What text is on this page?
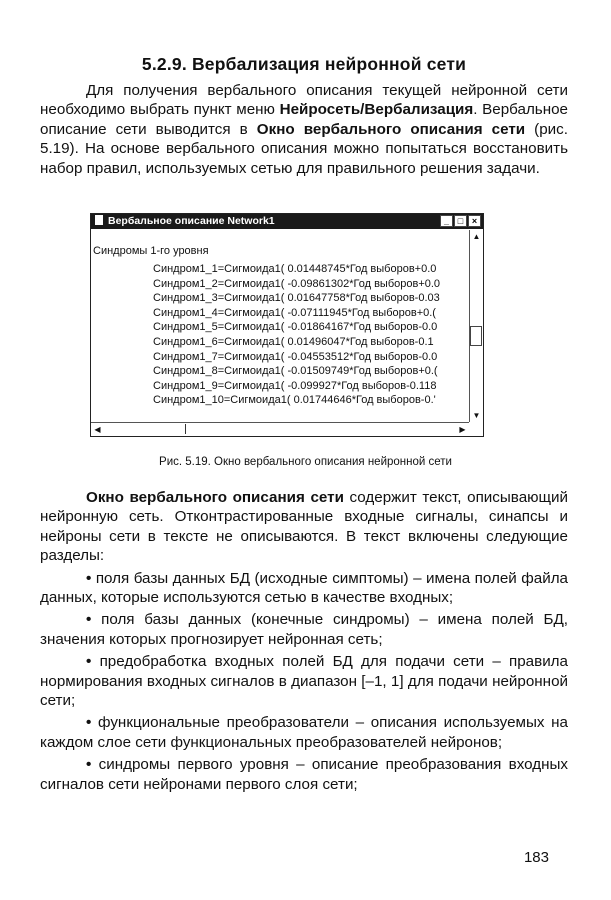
5.2.9. Вербализация нейронной сети

Для получения вербального описания текущей нейронной сети необходимо выбрать пункт меню Нейросеть/Вербализация. Вербальное описание сети выводится в Окно вербального описания сети (рис. 5.19). На основе вербального описания можно попытаться восстановить набор правил, используемых сетью для правильного решения задачи.

Вербальное описание Network1	_ □ ×
Синдромы 1-го уровня
Синдром1_1=Сигмоида1( 0.01448745*Год выборов+0.0
Синдром1_2=Сигмоида1( -0.09861302*Год выборов+0.0
Синдром1_3=Сигмоида1( 0.01647758*Год выборов-0.03
Синдром1_4=Сигмоида1( -0.07111945*Год выборов+0.(
Синдром1_5=Сигмоида1( -0.01864167*Год выборов-0.0
Синдром1_6=Сигмоида1( 0.01496047*Год выборов-0.1
Синдром1_7=Сигмоида1( -0.04553512*Год выборов-0.0
Синдром1_8=Сигмоида1( -0.01509749*Год выборов+0.(
Синдром1_9=Сигмоида1( -0.099927*Год выборов-0.118
Синдром1_10=Сигмоида1( 0.01744646*Год выборов-0.'
▲
▼
◀	▶
Рис. 5.19. Окно вербального описания нейронной сети

Окно вербального описания сети содержит текст, описывающий нейронную сеть. Отконтрастированные входные сигналы, синапсы и нейроны сети в тексте не описываются. В текст включены следующие разделы:

• поля базы данных БД (исходные симптомы) – имена полей файла данных, которые используются сетью в качестве входных;

• поля базы данных (конечные синдромы) – имена полей БД, значения которых прогнозирует нейронная сеть;

• предобработка входных полей БД для подачи сети – правила нормирования входных сигналов в диапазон [–1, 1] для подачи нейронной сети;

• функциональные преобразователи – описания используемых на каждом слое сети функциональных преобразователей нейронов;

• синдромы первого уровня – описание преобразования входных сигналов сети нейронами первого слоя сети;

183
